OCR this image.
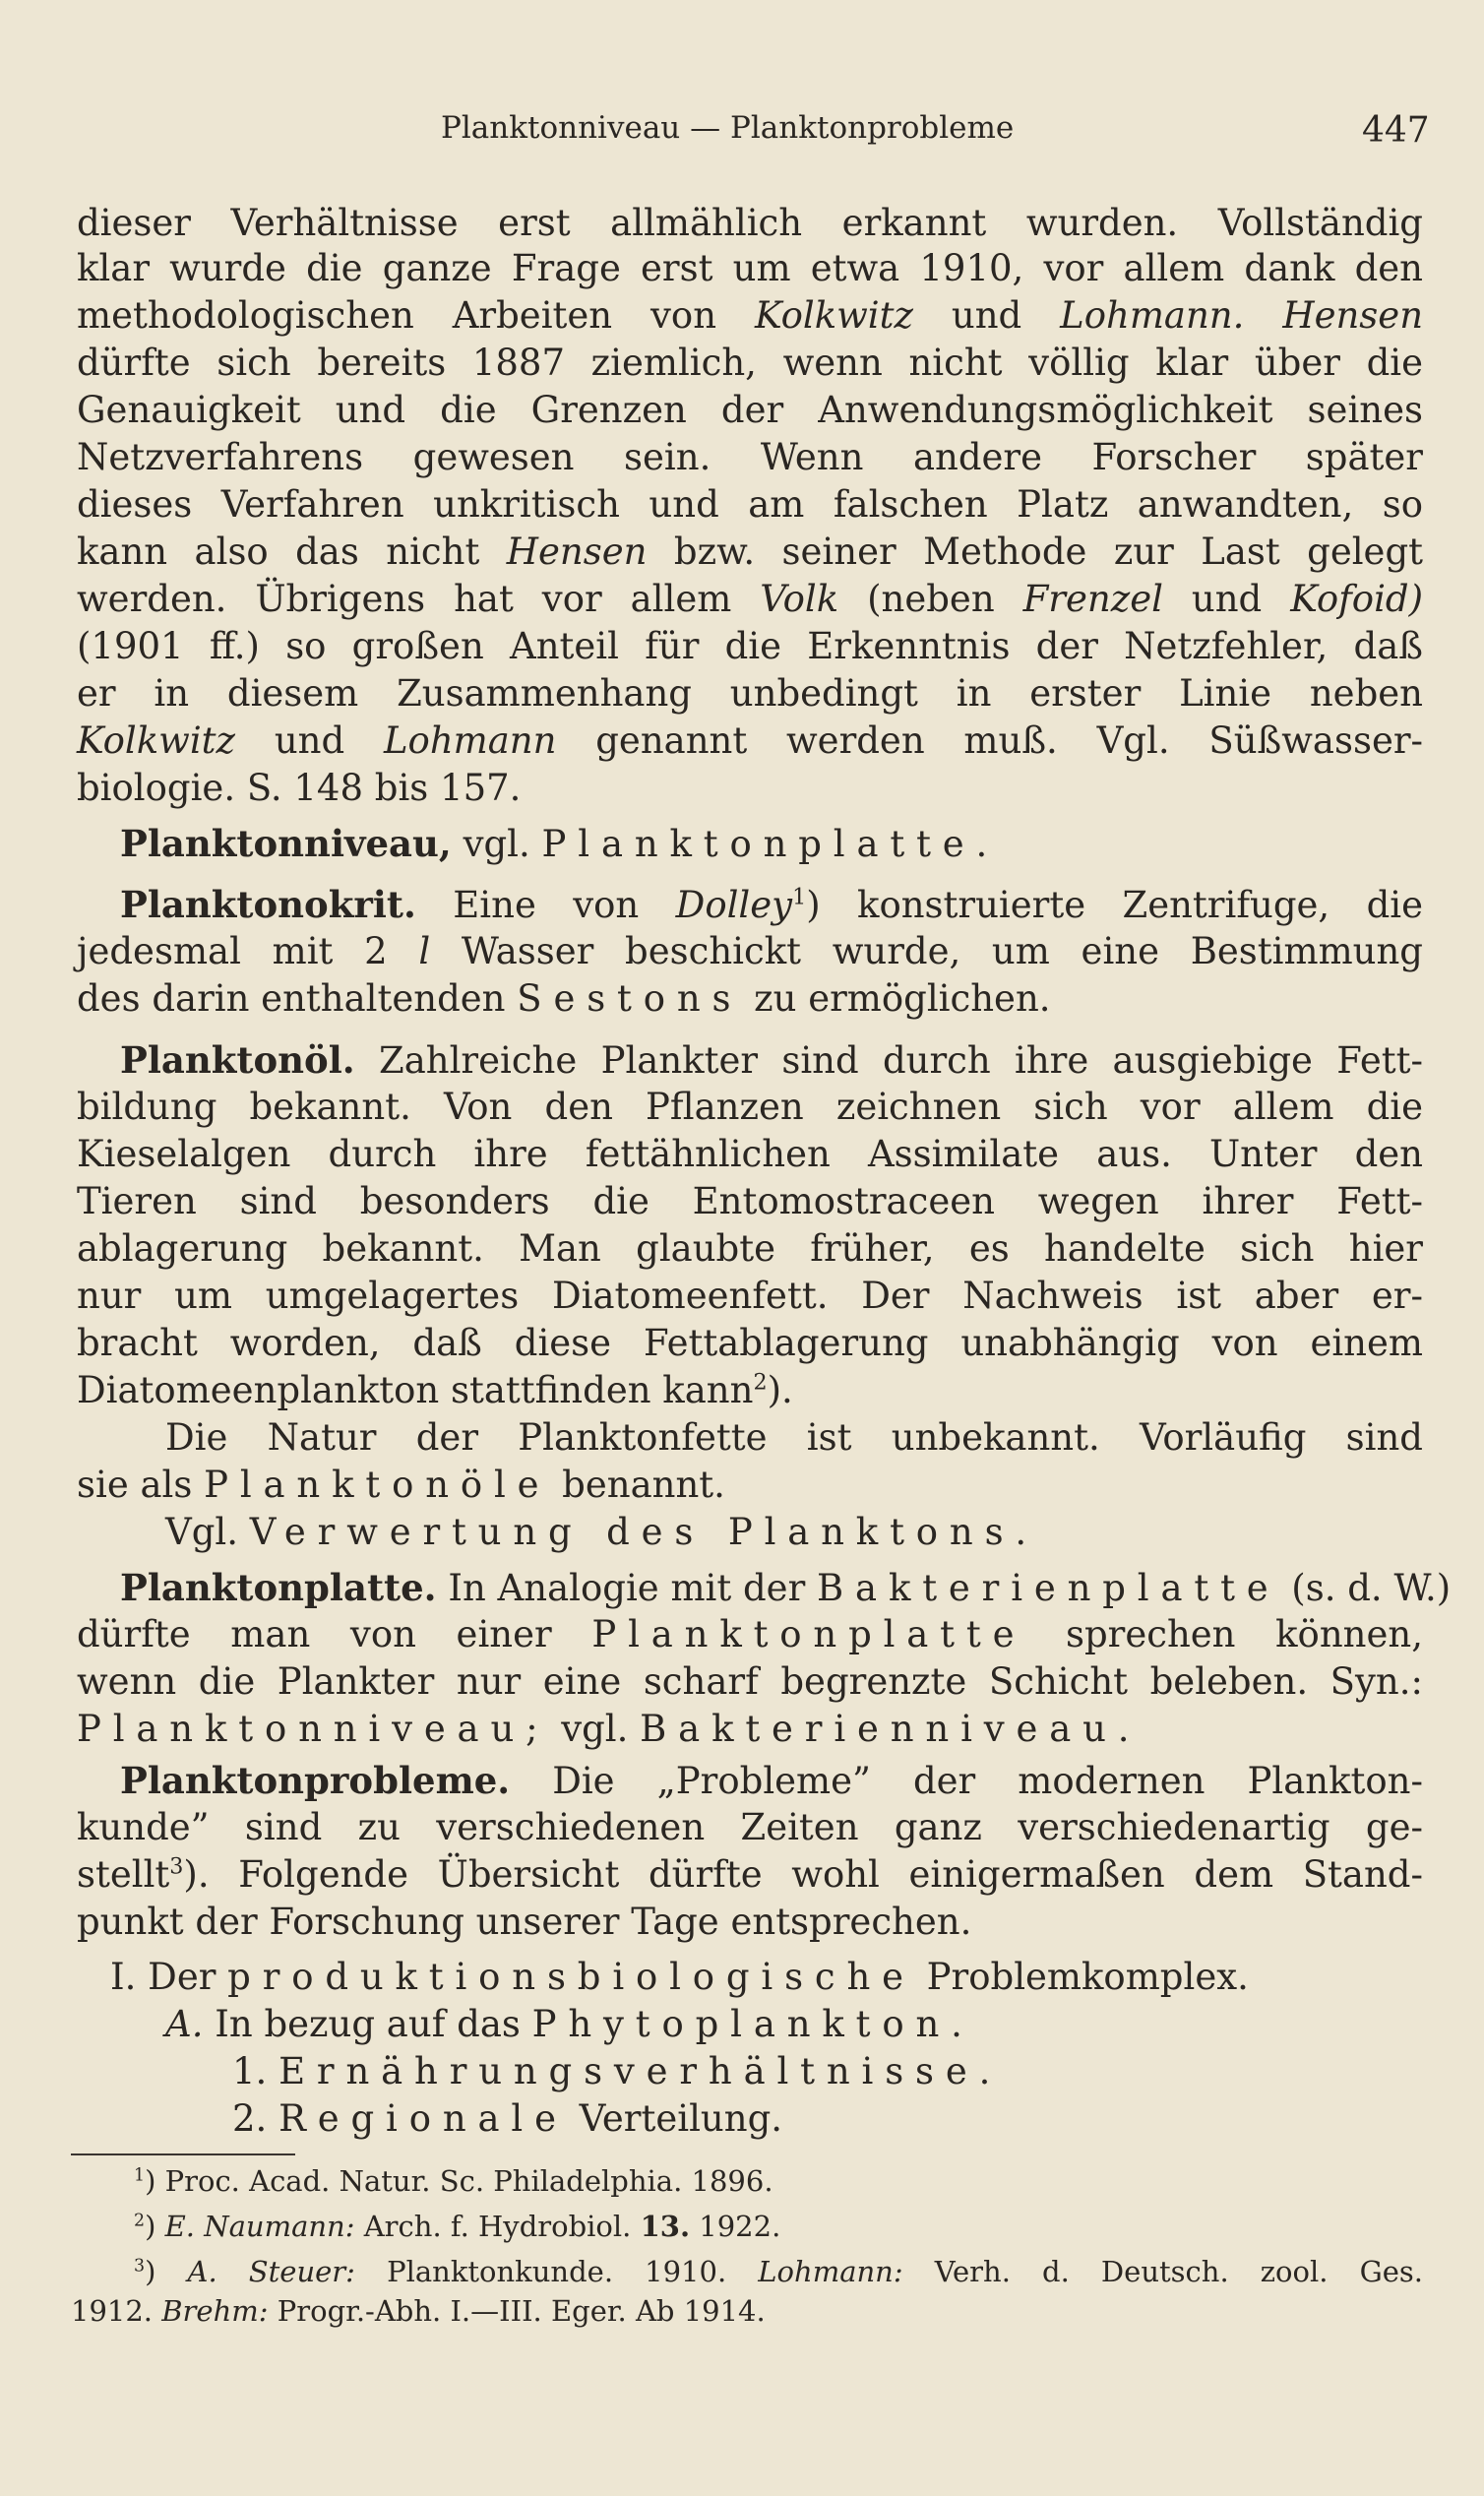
Planktonniveau — Planktonprobleme	447
dieser Verhältnisse erst allmählich erkannt wurden. Vollständig
klar wurde die ganze Frage erst um etwa 1910, vor allem dank den
methodologischen Arbeiten von Kolkwitz und Lohmann. Hensen
dürfte sich bereits 1887 ziemlich, wenn nicht völlig klar über die
Genauigkeit und die Grenzen der Anwendungsmöglichkeit seines
Netzverfahrens gewesen sein. Wenn andere Forscher später
dieses Verfahren unkritisch und am falschen Platz anwandten, so
kann also das nicht Hensen bzw. seiner Methode zur Last gelegt
werden. Übrigens hat vor allem Volk (neben Frenzel und Kofoid)
(1901 ff.) so großen Anteil für die Erkenntnis der Netzfehler, daß
er in diesem Zusammenhang unbedingt in erster Linie neben
Kolkwitz und Lohmann genannt werden muß. Vgl. Süßwasser-
biologie. S. 148 bis 157.
Planktonniveau, vgl. Planktonplatte.
Planktonokrit. Eine von Dolley$^1$) konstruierte Zentrifuge, die
jedesmal mit 2 l Wasser beschickt wurde, um eine Bestimmung
des darin enthaltenden Sestons zu ermöglichen.
Planktonöl. Zahlreiche Plankter sind durch ihre ausgiebige Fett-
bildung bekannt. Von den Pflanzen zeichnen sich vor allem die
Kieselalgen durch ihre fettähnlichen Assimilate aus. Unter den
Tieren sind besonders die Entomostraceen wegen ihrer Fett-
ablagerung bekannt. Man glaubte früher, es handelte sich hier
nur um umgelagertes Diatomeenfett. Der Nachweis ist aber er-
bracht worden, daß diese Fettablagerung unabhängig von einem
Diatomeenplankton stattfinden kann$^2$).
Die Natur der Planktonfette ist unbekannt. Vorläufig sind
sie als Planktonöle benannt.
Vgl. Verwertung des Planktons.
Planktonplatte. In Analogie mit der Bakterienplatte (s. d. W.)
dürfte man von einer Planktonplatte sprechen können,
wenn die Plankter nur eine scharf begrenzte Schicht beleben. Syn.:
Planktonniveau; vgl. Bakterienniveau.
Planktonprobleme. Die „Probleme” der modernen Plankton-
kunde” sind zu verschiedenen Zeiten ganz verschiedenartig ge-
stellt$^3$). Folgende Übersicht dürfte wohl einigermaßen dem Stand-
punkt der Forschung unserer Tage entsprechen.
I. Der produktionsbiologische Problemkomplex.
A. In bezug auf das Phytoplankton.
1. Ernährungsverhältnisse.
2. Regionale Verteilung.
$^1$) Proc. Acad. Natur. Sc. Philadelphia. 1896.
$^2$) E. Naumann: Arch. f. Hydrobiol. 13. 1922.
$^3$) A. Steuer: Planktonkunde. 1910. Lohmann: Verh. d. Deutsch. zool. Ges.
1912. Brehm: Progr.-Abh. I.—III. Eger. Ab 1914.
